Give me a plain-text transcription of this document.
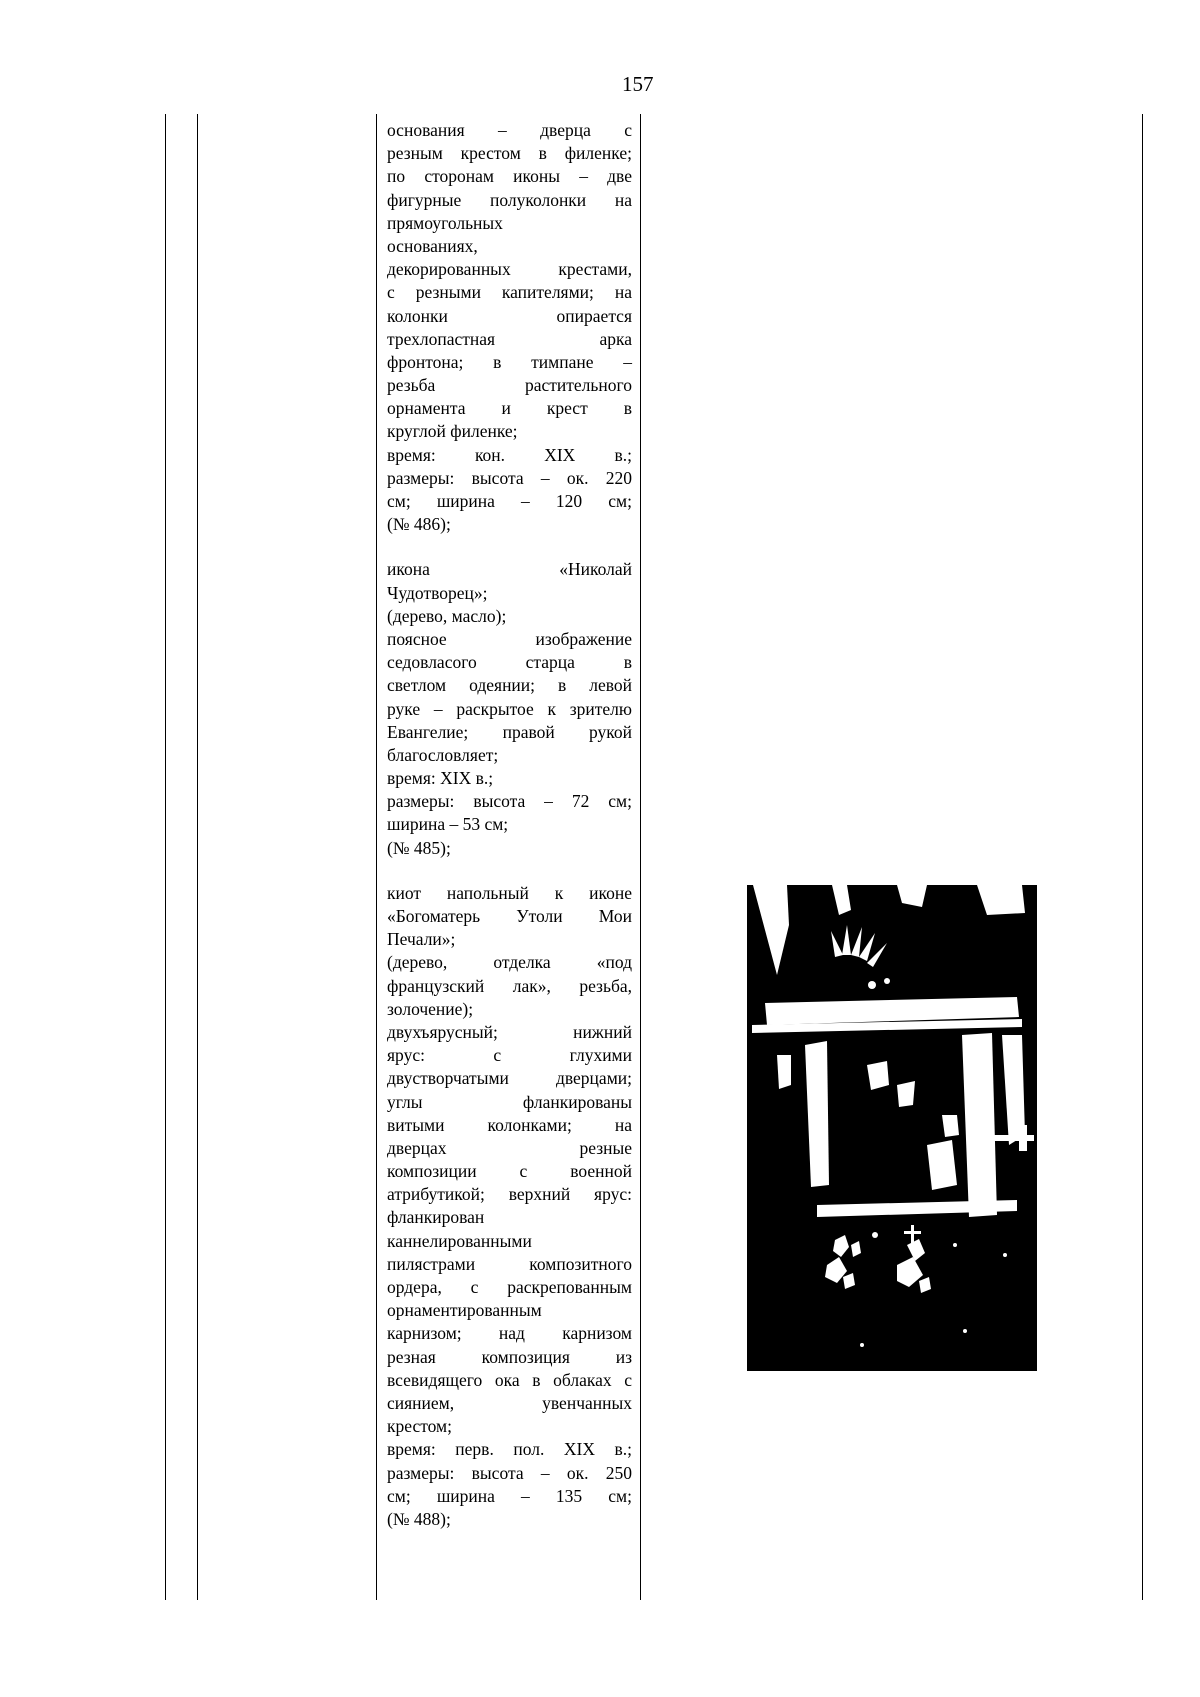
157
основания – дверца с
резным крестом в филенке;
по сторонам иконы – две
фигурные полуколонки на
прямоугольных
основаниях,
декорированных крестами,
с резными капителями; на
колонки опирается
трехлопастная арка
фронтона; в тимпане –
резьба растительного
орнамента и крест в
круглой филенке;
время: кон. XIX в.;
размеры: высота – ок. 220
см; ширина – 120 см;
(№ 486);
икона «Николай
Чудотворец»;
(дерево, масло);
поясное изображение
седовласого старца в
светлом одеянии; в левой
руке – раскрытое к зрителю
Евангелие; правой рукой
благословляет;
время: XIX в.;
размеры: высота – 72 см;
ширина – 53 см;
(№ 485);
киот напольный к иконе
«Богоматерь Утоли Мои
Печали»;
(дерево, отделка «под
французский лак», резьба,
золочение);
двухъярусный; нижний
ярус: с глухими
двустворчатыми дверцами;
углы фланкированы
витыми колонками; на
дверцах резные
композиции с военной
атрибутикой; верхний ярус:
фланкирован
каннелированными
пилястрами композитного
ордера, с раскрепованным
орнаментированным
карнизом; над карнизом
резная композиция из
всевидящего ока в облаках с
сиянием, увенчанных
крестом;
время: перв. пол. XIX в.;
размеры: высота – ок. 250
см; ширина – 135 см;
(№ 488);
